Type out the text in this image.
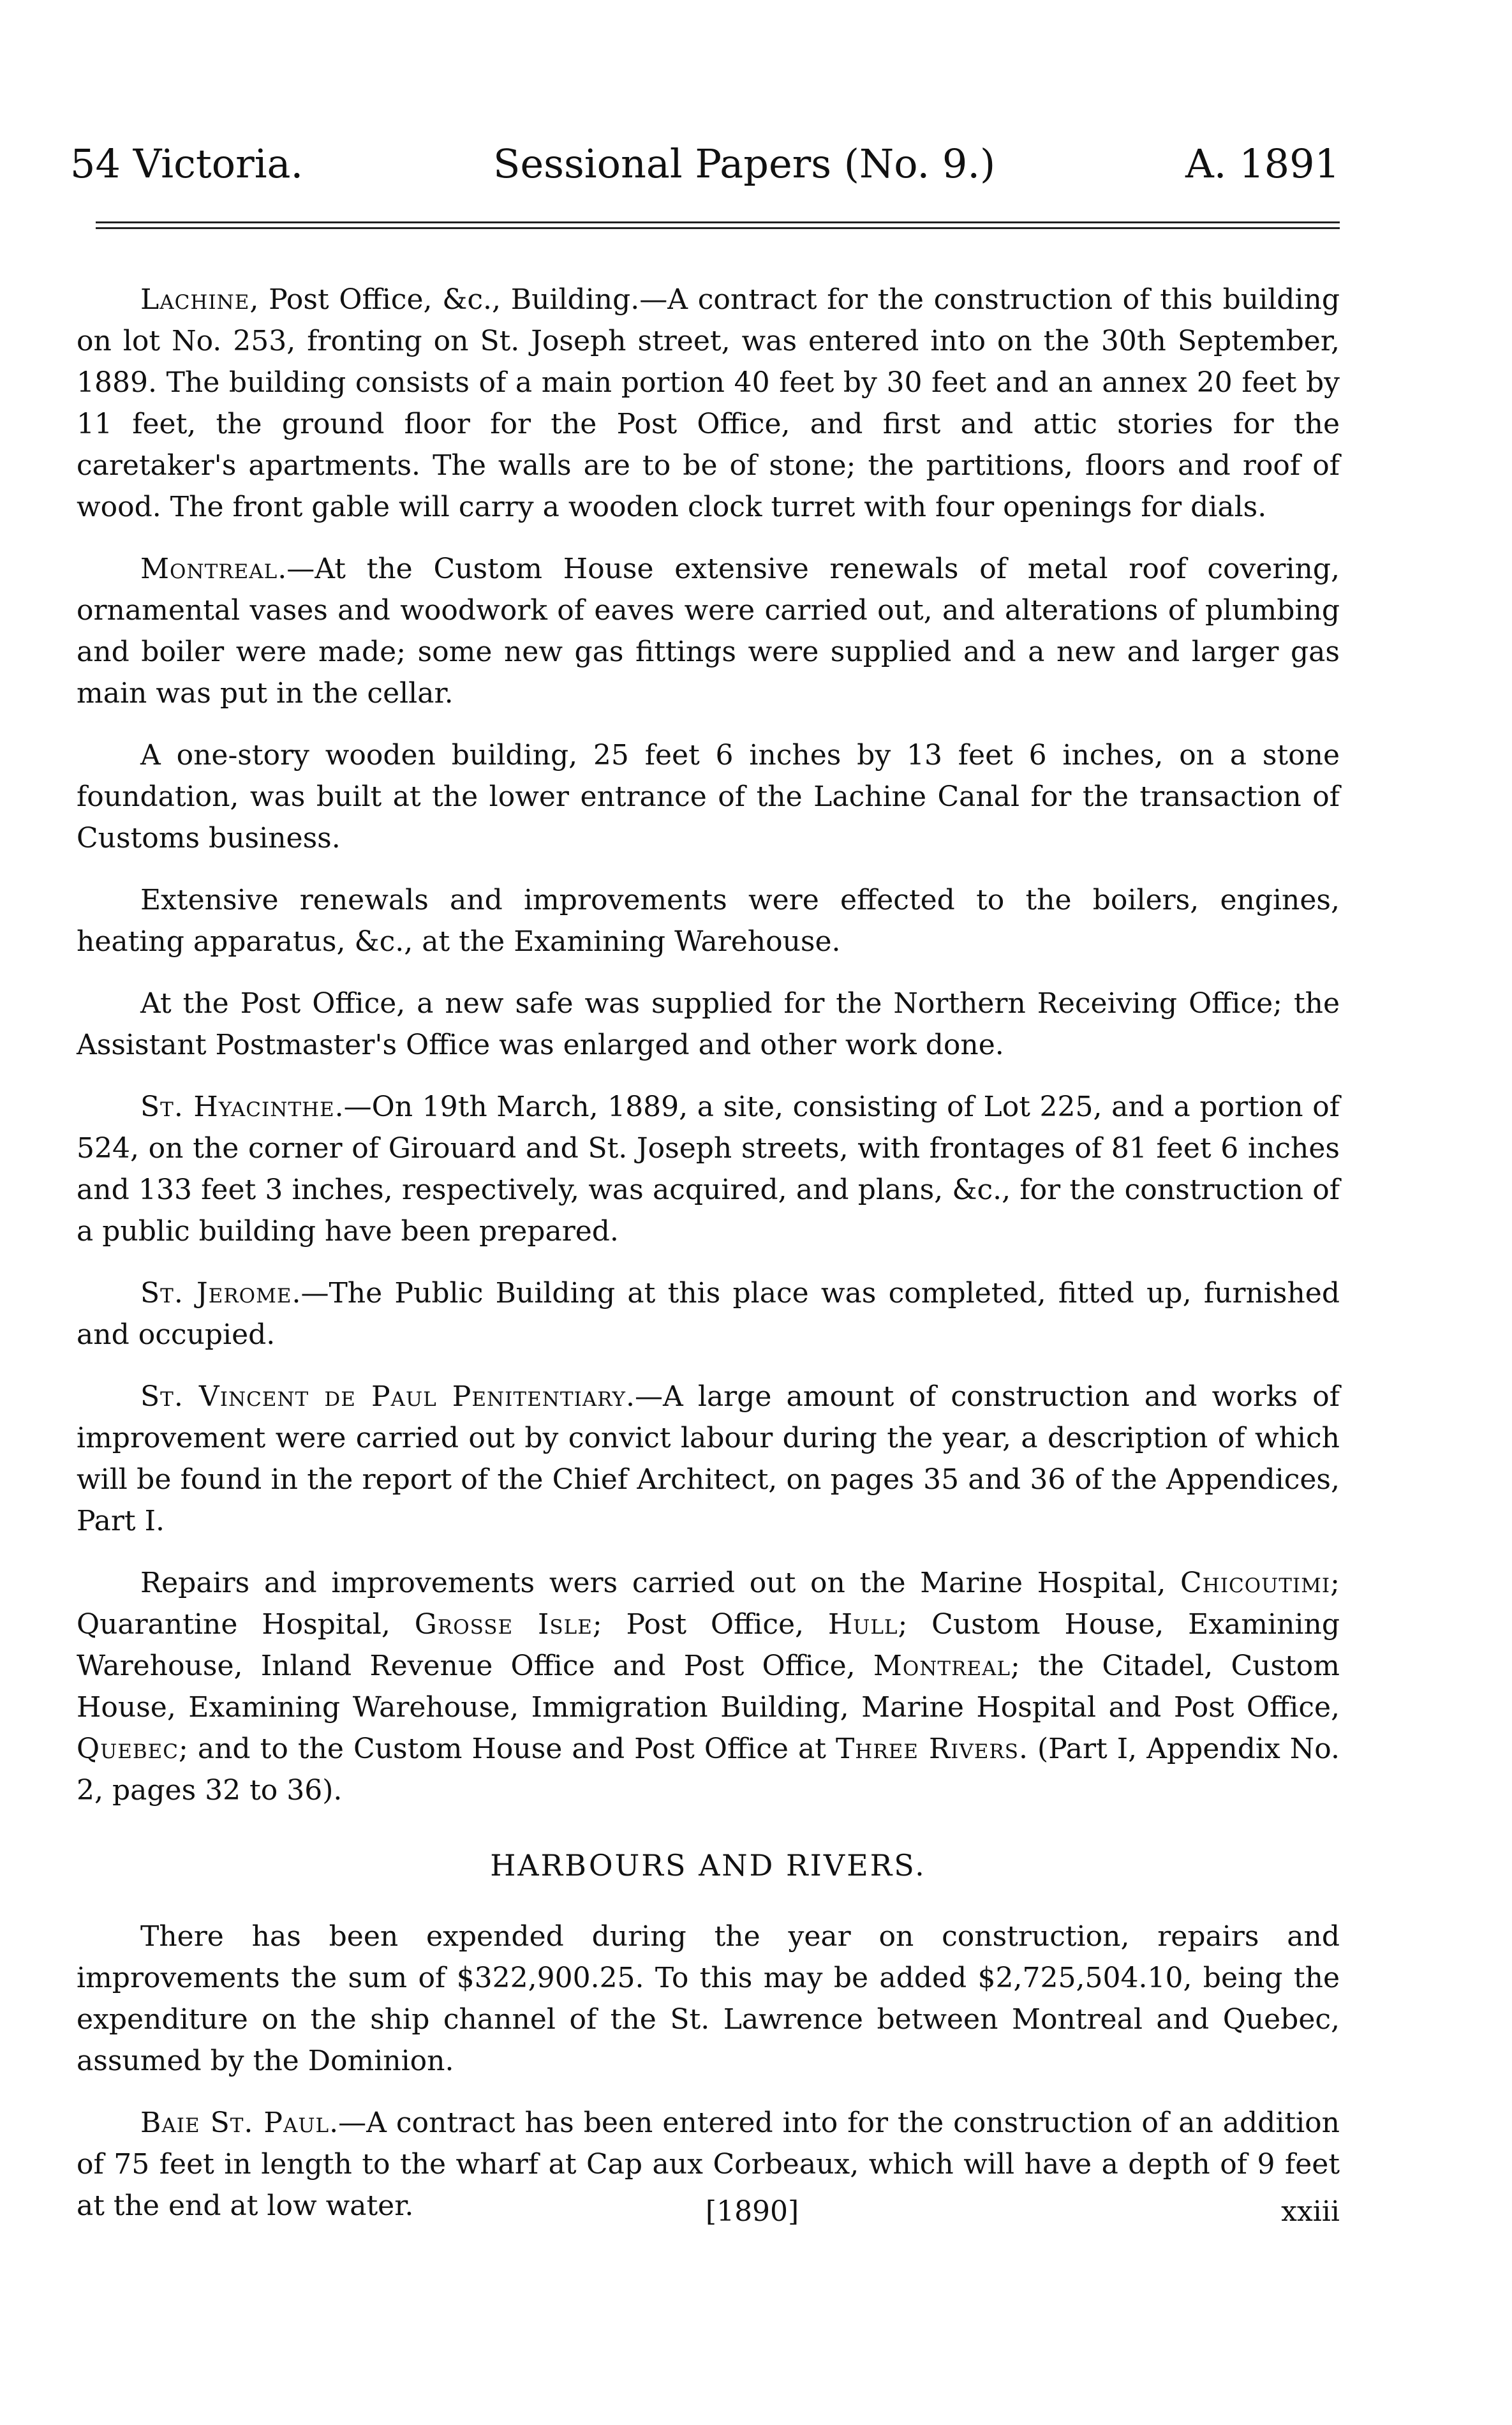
54 Victoria.	Sessional Papers (No. 9.)	A. 1891

Lachine, Post Office, &c., Building.—A contract for the construction of this building on lot No. 253, fronting on St. Joseph street, was entered into on the 30th September, 1889. The building consists of a main portion 40 feet by 30 feet and an annex 20 feet by 11 feet, the ground floor for the Post Office, and first and attic stories for the caretaker's apartments. The walls are to be of stone; the partitions, floors and roof of wood. The front gable will carry a wooden clock turret with four openings for dials.

Montreal.—At the Custom House extensive renewals of metal roof covering, ornamental vases and woodwork of eaves were carried out, and alterations of plumbing and boiler were made; some new gas fittings were supplied and a new and larger gas main was put in the cellar.

A one-story wooden building, 25 feet 6 inches by 13 feet 6 inches, on a stone foundation, was built at the lower entrance of the Lachine Canal for the transaction of Customs business.

Extensive renewals and improvements were effected to the boilers, engines, heating apparatus, &c., at the Examining Warehouse.

At the Post Office, a new safe was supplied for the Northern Receiving Office; the Assistant Postmaster's Office was enlarged and other work done.

St. Hyacinthe.—On 19th March, 1889, a site, consisting of Lot 225, and a portion of 524, on the corner of Girouard and St. Joseph streets, with frontages of 81 feet 6 inches and 133 feet 3 inches, respectively, was acquired, and plans, &c., for the construction of a public building have been prepared.

St. Jerome.—The Public Building at this place was completed, fitted up, furnished and occupied.

St. Vincent de Paul Penitentiary.—A large amount of construction and works of improvement were carried out by convict labour during the year, a description of which will be found in the report of the Chief Architect, on pages 35 and 36 of the Appendices, Part I.

Repairs and improvements wers carried out on the Marine Hospital, Chicoutimi; Quarantine Hospital, Grosse Isle; Post Office, Hull; Custom House, Examining Warehouse, Inland Revenue Office and Post Office, Montreal; the Citadel, Custom House, Examining Warehouse, Immigration Building, Marine Hospital and Post Office, Quebec; and to the Custom House and Post Office at Three Rivers. (Part I, Appendix No. 2, pages 32 to 36).

HARBOURS AND RIVERS.

There has been expended during the year on construction, repairs and improvements the sum of $322,900.25. To this may be added $2,725,504.10, being the expenditure on the ship channel of the St. Lawrence between Montreal and Quebec, assumed by the Dominion.

Baie St. Paul.—A contract has been entered into for the construction of an addition of 75 feet in length to the wharf at Cap aux Corbeaux, which will have a depth of 9 feet at the end at low water.	[1890]	xxiii
